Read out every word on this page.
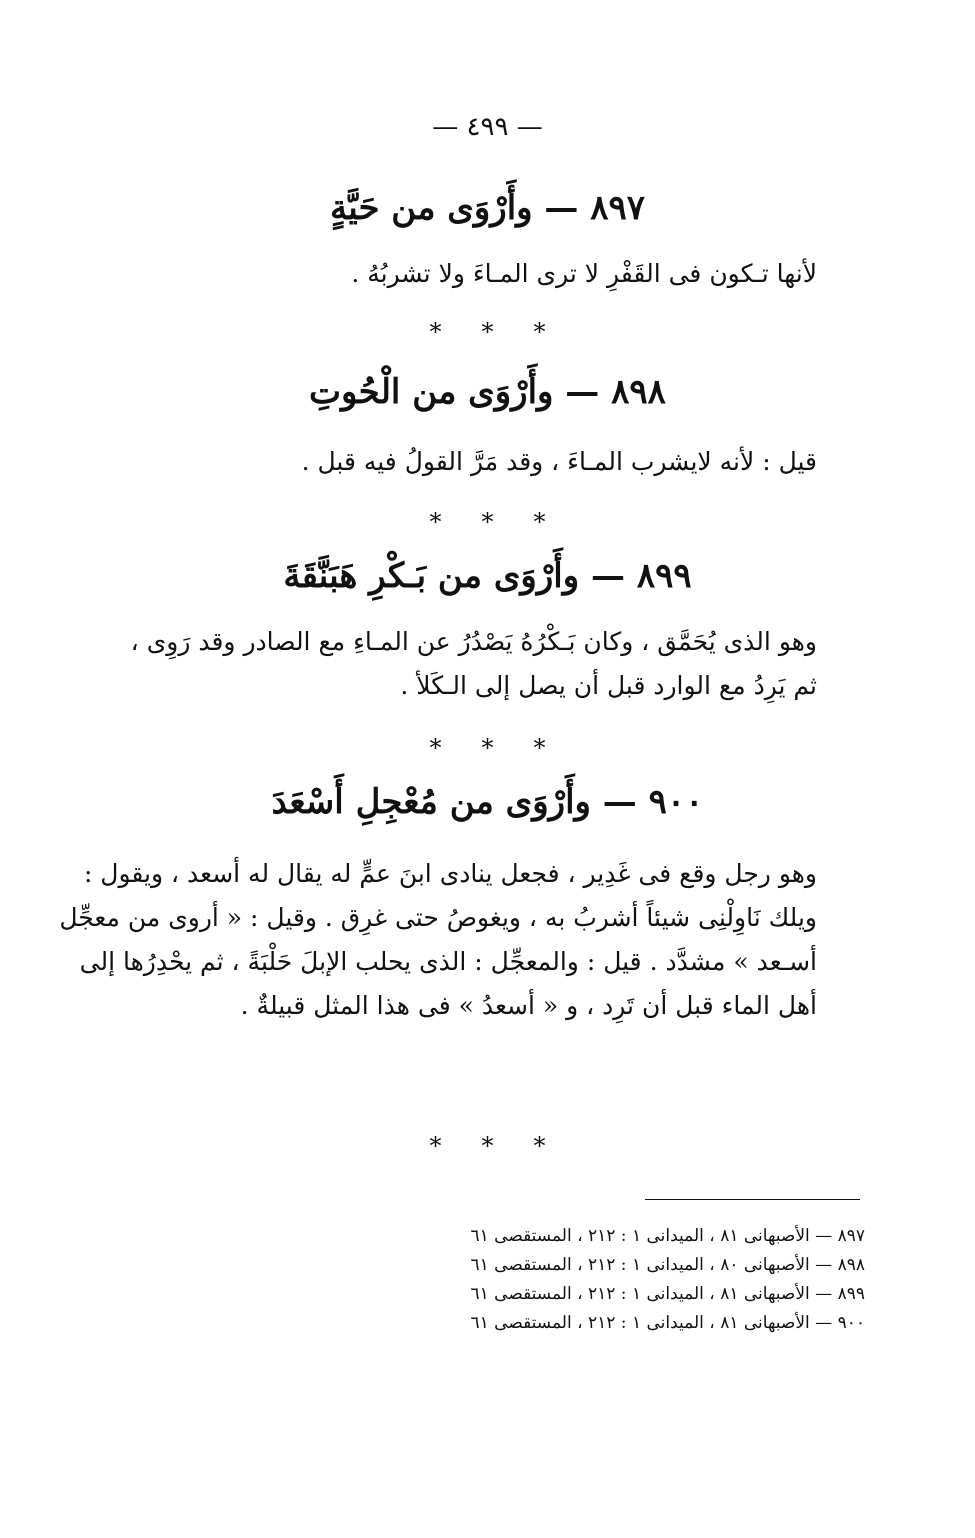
— ٤٩٩ —
٨٩٧ — وأَرْوَى من حَيَّةٍ

لأنها تـكون فى القَفْرِ لا ترى المـاءَ ولا تشربُهُ .

* * *
٨٩٨ — وأَرْوَى من الْحُوتِ

قيل : لأنه لايشرب المـاءَ ، وقد مَرَّ القولُ فيه قبل .

* * *
٨٩٩ — وأَرْوَى من بَـكْرِ هَبَنَّقَةَ

وهو الذى يُحَمَّق ، وكان بَـكْرُهُ يَصْدُرُ عن المـاءِ مع الصادر وقد رَوِى ،

ثم يَرِدُ مع الوارد قبل أن يصل إلى الـكَلأ .

* * *
٩٠٠ — وأَرْوَى من مُعْجِلِ أَسْعَدَ

وهو رجل وقع فى غَدِير ، فجعل ينادى ابنَ عمٍّ له يقال له أسعد ، ويقول :

ويلك نَاوِلْنِى شيئاً أشربُ به ، ويغوصُ حتى غرِق . وقيل : « أروى من معجِّل

أسـعد » مشدَّد . قيل : والمعجِّل : الذى يحلب الإبلَ حَلْبَةً ، ثم يحْدِرُها إلى

أهل الماء قبل أن تَرِد ، و « أسعدُ » فى هذا المثل قبيلةٌ .

* * *

٨٩٧ — الأصبهانى ٨١ ، الميدانى ١ : ٢١٢ ، المستقصى ٦١

٨٩٨ — الأصبهانى ٨٠ ، الميدانى ١ : ٢١٢ ، المستقصى ٦١

٨٩٩ — الأصبهانى ٨١ ، الميدانى ١ : ٢١٢ ، المستقصى ٦١

٩٠٠ — الأصبهانى ٨١ ، الميدانى ١ : ٢١٢ ، المستقصى ٦١
